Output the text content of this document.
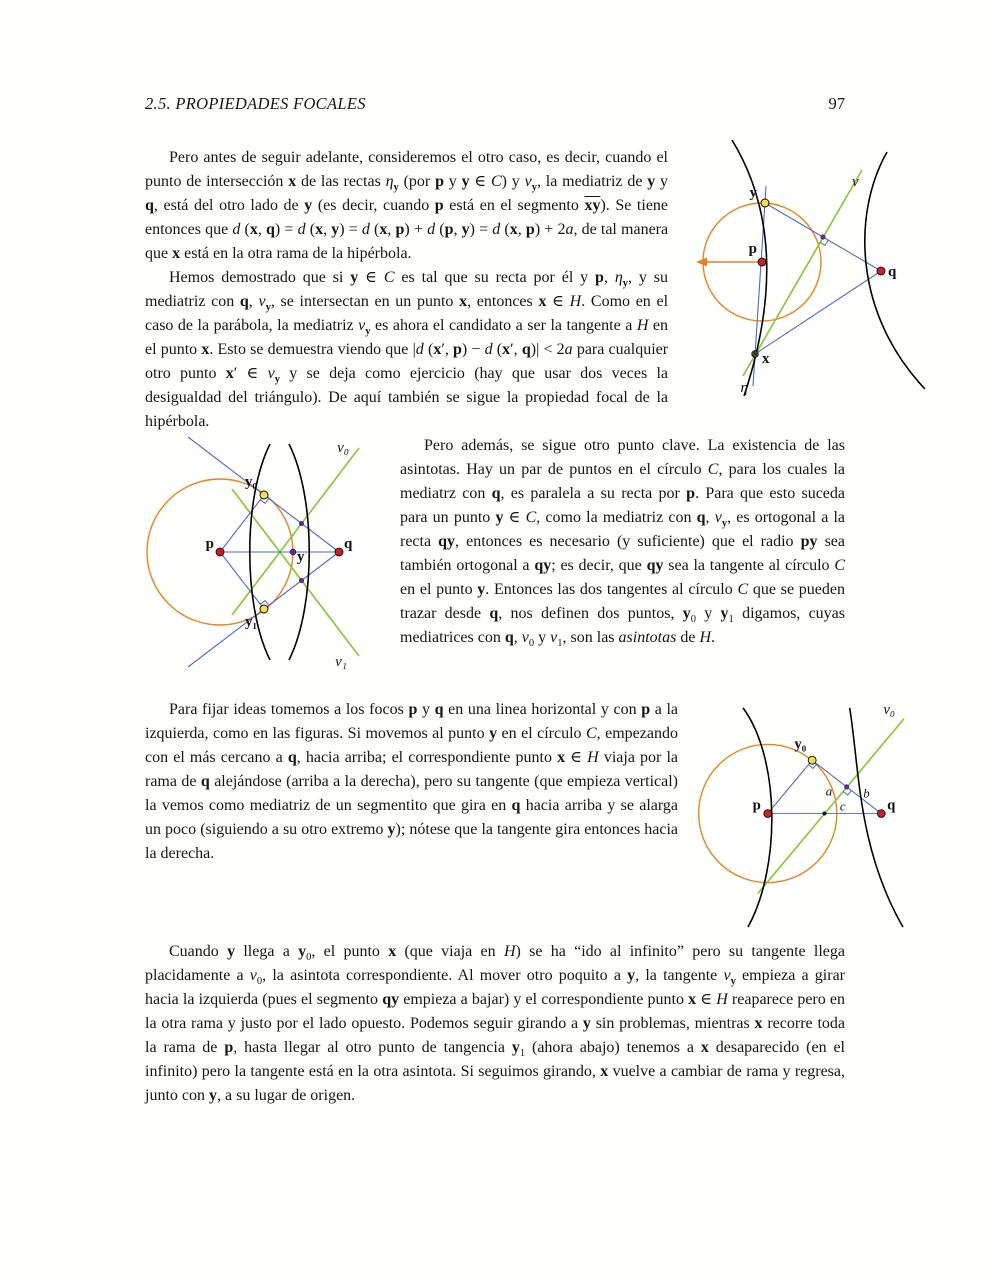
2.5. PROPIEDADES FOCALES	97
y
ν
p
q
x
η

Pero antes de seguir adelante, consideremos el otro caso, es decir, cuando el punto de intersección x de las rectas $\eta_y$ (por p y y ∈ C) y $\nu_y$, la mediatriz de y y q, está del otro lado de y (es decir, cuando p está en el segmento $\overline{xy}$). Se tiene entonces que d (x, q) = d (x, y) = d (x, p) + d (p, y) = d (x, p) + 2a, de tal manera que x está en la otra rama de la hipérbola.

Hemos demostrado que si y ∈ C es tal que su recta por él y p, $\eta_y$, y su mediatriz con q, $\nu_y$, se intersectan en un punto x, entonces x ∈ H. Como en el caso de la parábola, la mediatriz $\nu_y$ es ahora el candidato a ser la tangente a H en el punto x. Esto se demuestra viendo que |d (x′, p) − d (x′, q)| < 2a para cualquier otro punto x′ ∈ $\nu_y$ y se deja como ejercicio (hay que usar dos veces la desigualdad del triángulo). De aquí también se sigue la propiedad focal de la hipérbola.

ν₀
y₀
p
y
q
y₁
ν₁

Pero además, se sigue otro punto clave. La existencia de las asintotas. Hay un par de puntos en el círculo C, para los cuales la mediatrz con q, es paralela a su recta por p. Para que esto suceda para un punto y ∈ C, como la mediatriz con q, $\nu_y$, es ortogonal a la recta qy, entonces es necesario (y suficiente) que el radio py sea también ortogonal a qy; es decir, que qy sea la tangente al círculo C en el punto y. Entonces las dos tangentes al círculo C que se pueden trazar desde q, nos definen dos puntos, $y_0$ y $y_1$ digamos, cuyas mediatrices con q, $\nu_0$ y $\nu_1$, son las asintotas de H.

ν₀
y₀
p	q
a
c
b

Para fijar ideas tomemos a los focos p y q en una linea horizontal y con p a la izquierda, como en las figuras. Si movemos al punto y en el círculo C, empezando con el más cercano a q, hacia arriba; el correspondiente punto x ∈ H viaja por la rama de q alejándose (arriba a la derecha), pero su tangente (que empieza vertical) la vemos como mediatriz de un segmentito que gira en q hacia arriba y se alarga un poco (siguiendo a su otro extremo y); nótese que la tangente gira entonces hacia la derecha.

Cuando y llega a $y_0$, el punto x (que viaja en H) se ha “ido al infinito” pero su tangente llega placidamente a $\nu_0$, la asintota correspondiente. Al mover otro poquito a y, la tangente $\nu_y$ empieza a girar hacia la izquierda (pues el segmento qy empieza a bajar) y el correspondiente punto x ∈ H reaparece pero en la otra rama y justo por el lado opuesto. Podemos seguir girando a y sin problemas, mientras x recorre toda la rama de p, hasta llegar al otro punto de tangencia $y_1$ (ahora abajo) tenemos a x desaparecido (en el infinito) pero la tangente está en la otra asintota. Si seguimos girando, x vuelve a cambiar de rama y regresa, junto con y, a su lugar de origen.
